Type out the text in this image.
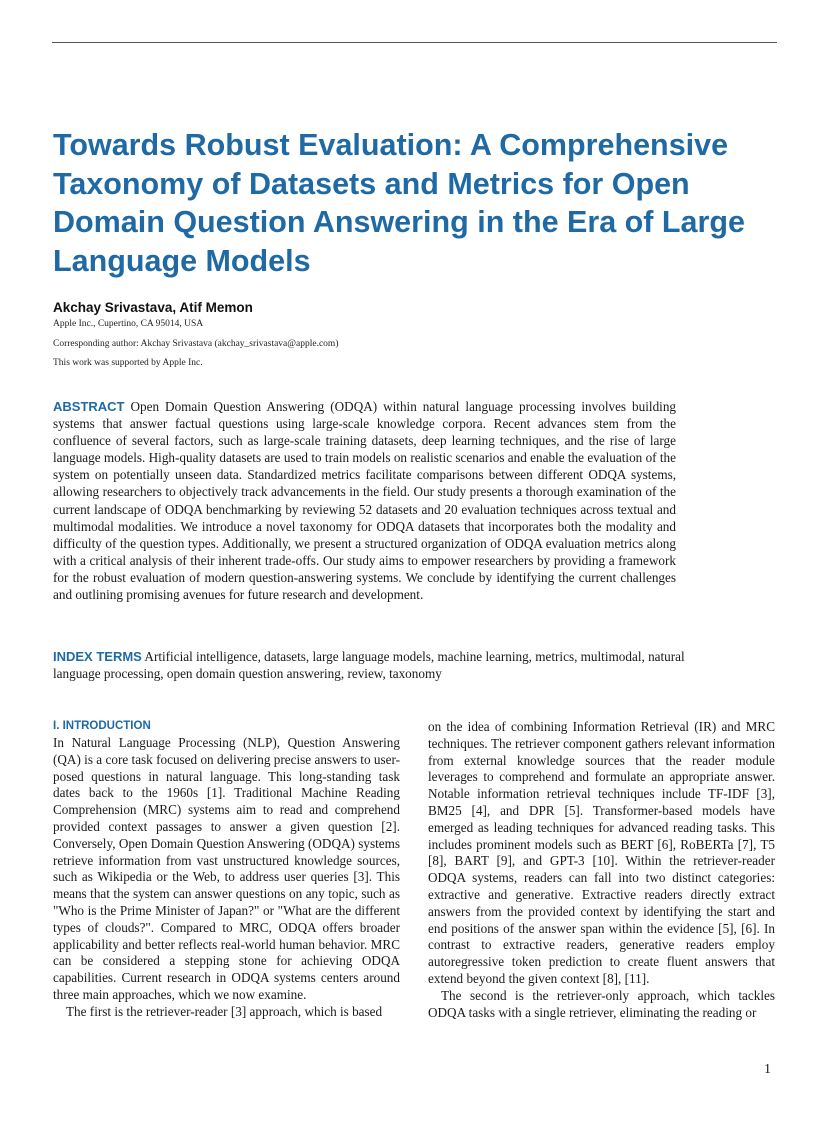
Towards Robust Evaluation: A Comprehensive Taxonomy of Datasets and Metrics for Open Domain Question Answering in the Era of Large Language Models
Akchay Srivastava, Atif Memon
Apple Inc., Cupertino, CA 95014, USA
Corresponding author: Akchay Srivastava (akchay_srivastava@apple.com)
This work was supported by Apple Inc.

ABSTRACT Open Domain Question Answering (ODQA) within natural language processing involves building systems that answer factual questions using large-scale knowledge corpora. Recent advances stem from the confluence of several factors, such as large-scale training datasets, deep learning techniques, and the rise of large language models. High-quality datasets are used to train models on realistic scenarios and enable the evaluation of the system on potentially unseen data. Standardized metrics facilitate comparisons between different ODQA systems, allowing researchers to objectively track advancements in the field. Our study presents a thorough examination of the current landscape of ODQA benchmarking by reviewing 52 datasets and 20 evaluation techniques across textual and multimodal modalities. We introduce a novel taxonomy for ODQA datasets that incorporates both the modality and difficulty of the question types. Additionally, we present a structured organization of ODQA evaluation metrics along with a critical analysis of their inherent trade-offs. Our study aims to empower researchers by providing a framework for the robust evaluation of modern question-answering systems. We conclude by identifying the current challenges and outlining promising avenues for future research and development.

INDEX TERMS Artificial intelligence, datasets, large language models, machine learning, metrics, multimodal, natural language processing, open domain question answering, review, taxonomy

I. INTRODUCTION

In Natural Language Processing (NLP), Question Answering (QA) is a core task focused on delivering precise answers to user-posed questions in natural language. This long-standing task dates back to the 1960s [1]. Traditional Machine Reading Comprehension (MRC) systems aim to read and comprehend provided context passages to answer a given question [2]. Conversely, Open Domain Question Answering (ODQA) systems retrieve information from vast unstructured knowledge sources, such as Wikipedia or the Web, to address user queries [3]. This means that the system can answer questions on any topic, such as "Who is the Prime Minister of Japan?" or "What are the different types of clouds?". Compared to MRC, ODQA offers broader applicability and better reflects real-world human behavior. MRC can be considered a stepping stone for achieving ODQA capabilities. Current research in ODQA systems centers around three main approaches, which we now examine.

The first is the retriever-reader [3] approach, which is based

on the idea of combining Information Retrieval (IR) and MRC techniques. The retriever component gathers relevant information from external knowledge sources that the reader module leverages to comprehend and formulate an appropriate answer. Notable information retrieval techniques include TF-IDF [3], BM25 [4], and DPR [5]. Transformer-based models have emerged as leading techniques for advanced reading tasks. This includes prominent models such as BERT [6], RoBERTa [7], T5 [8], BART [9], and GPT-3 [10]. Within the retriever-reader ODQA systems, readers can fall into two distinct categories: extractive and generative. Extractive readers directly extract answers from the provided context by identifying the start and end positions of the answer span within the evidence [5], [6]. In contrast to extractive readers, generative readers employ autoregressive token prediction to create fluent answers that extend beyond the given context [8], [11].

The second is the retriever-only approach, which tackles ODQA tasks with a single retriever, eliminating the reading or

1
